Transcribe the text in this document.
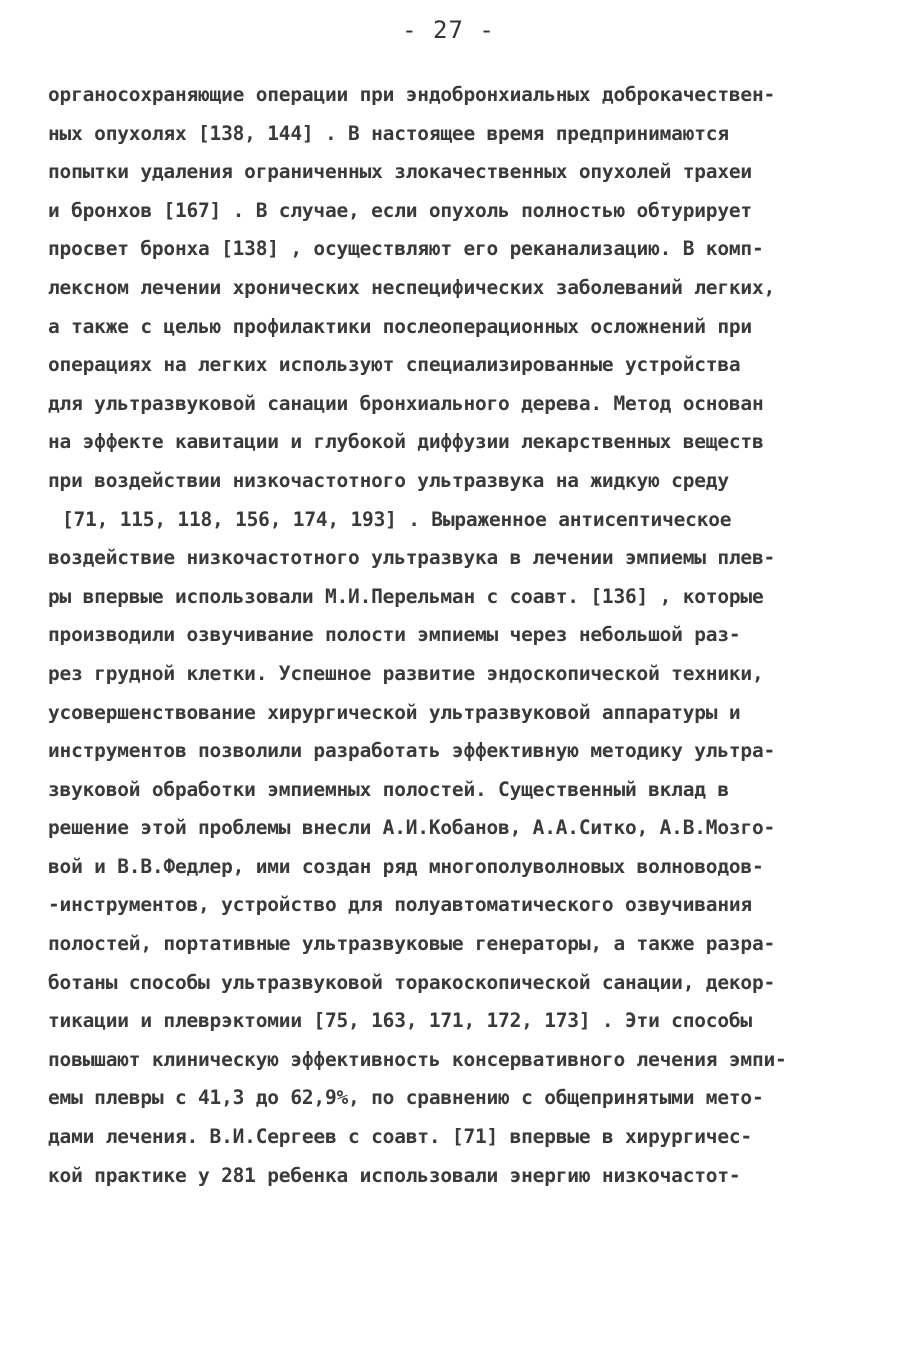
- 27 -
органосохраняющие операции при эндобронхиальных доброкачествен-
ных опухолях [138, 144] . В настоящее время предпринимаются
попытки удаления ограниченных злокачественных опухолей трахеи
и бронхов [167] . В случае, если опухоль полностью обтурирует
просвет бронха [138] , осуществляют его реканализацию. В комп-
лексном лечении хронических неспецифических заболеваний легких,
а также с целью профилактики послеоперационных осложнений при
операциях на легких используют специализированные устройства
для ультразвуковой санации бронхиального дерева. Метод основан
на эффекте кавитации и глубокой диффузии лекарственных веществ
при воздействии низкочастотного ультразвука на жидкую среду
[71, 115, 118, 156, 174, 193] . Выраженное антисептическое
воздействие низкочастотного ультразвука в лечении эмпиемы плев-
ры впервые использовали М.И.Перельман с соавт. [136] , которые
производили озвучивание полости эмпиемы через небольшой раз-
рез грудной клетки. Успешное развитие эндоскопической техники,
усовершенствование хирургической ультразвуковой аппаратуры и
инструментов позволили разработать эффективную методику ультра-
звуковой обработки эмпиемных полостей. Существенный вклад в
решение этой проблемы внесли А.И.Кобанов, А.А.Ситко, А.В.Мозго-
вой и В.В.Федлер, ими создан ряд многополуволновых волноводов-
-инструментов, устройство для полуавтоматического озвучивания
полостей, портативные ультразвуковые генераторы, а также разра-
ботаны способы ультразвуковой торакоскопической санации, декор-
тикации и плеврэктомии [75, 163, 171, 172, 173] . Эти способы
повышают клиническую эффективность консервативного лечения эмпи-
емы плевры с 41,3 до 62,9%, по сравнению с общепринятыми мето-
дами лечения. В.И.Сергеев с соавт. [71] впервые в хирургичес-
кой практике у 281 ребенка использовали энергию низкочастот-
